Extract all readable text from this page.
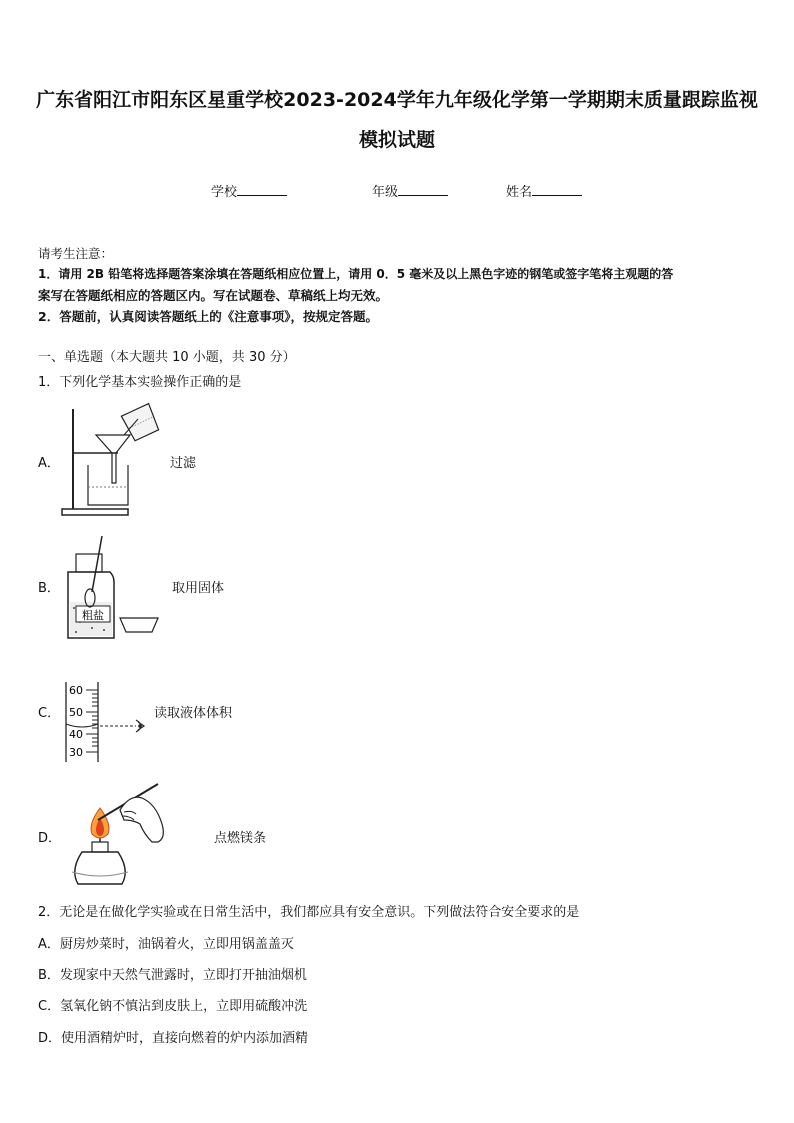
广东省阳江市阳东区星重学校2023-2024学年九年级化学第一学期期末质量跟踪监视
模拟试题
学校	年级	姓名
请考生注意：
1．请用 2B 铅笔将选择题答案涂填在答题纸相应位置上，请用 0．5 毫米及以上黑色字迹的钢笔或签字笔将主观题的答
案写在答题纸相应的答题区内。写在试题卷、草稿纸上均无效。
2．答题前，认真阅读答题纸上的《注意事项》，按规定答题。
一、单选题（本大题共 10 小题，共 30 分）
1．下列化学基本实验操作正确的是
A．	过滤
B．
粗盐
取用固体
C．
60
50
40
30
读取液体体积
D．	点燃镁条
2．无论是在做化学实验或在日常生活中，我们都应具有安全意识。下列做法符合安全要求的是
A．厨房炒菜时，油锅着火，立即用锅盖盖灭
B．发现家中天然气泄露时，立即打开抽油烟机
C．氢氧化钠不慎沾到皮肤上，立即用硫酸冲洗
D．使用酒精炉时，直接向燃着的炉内添加酒精
